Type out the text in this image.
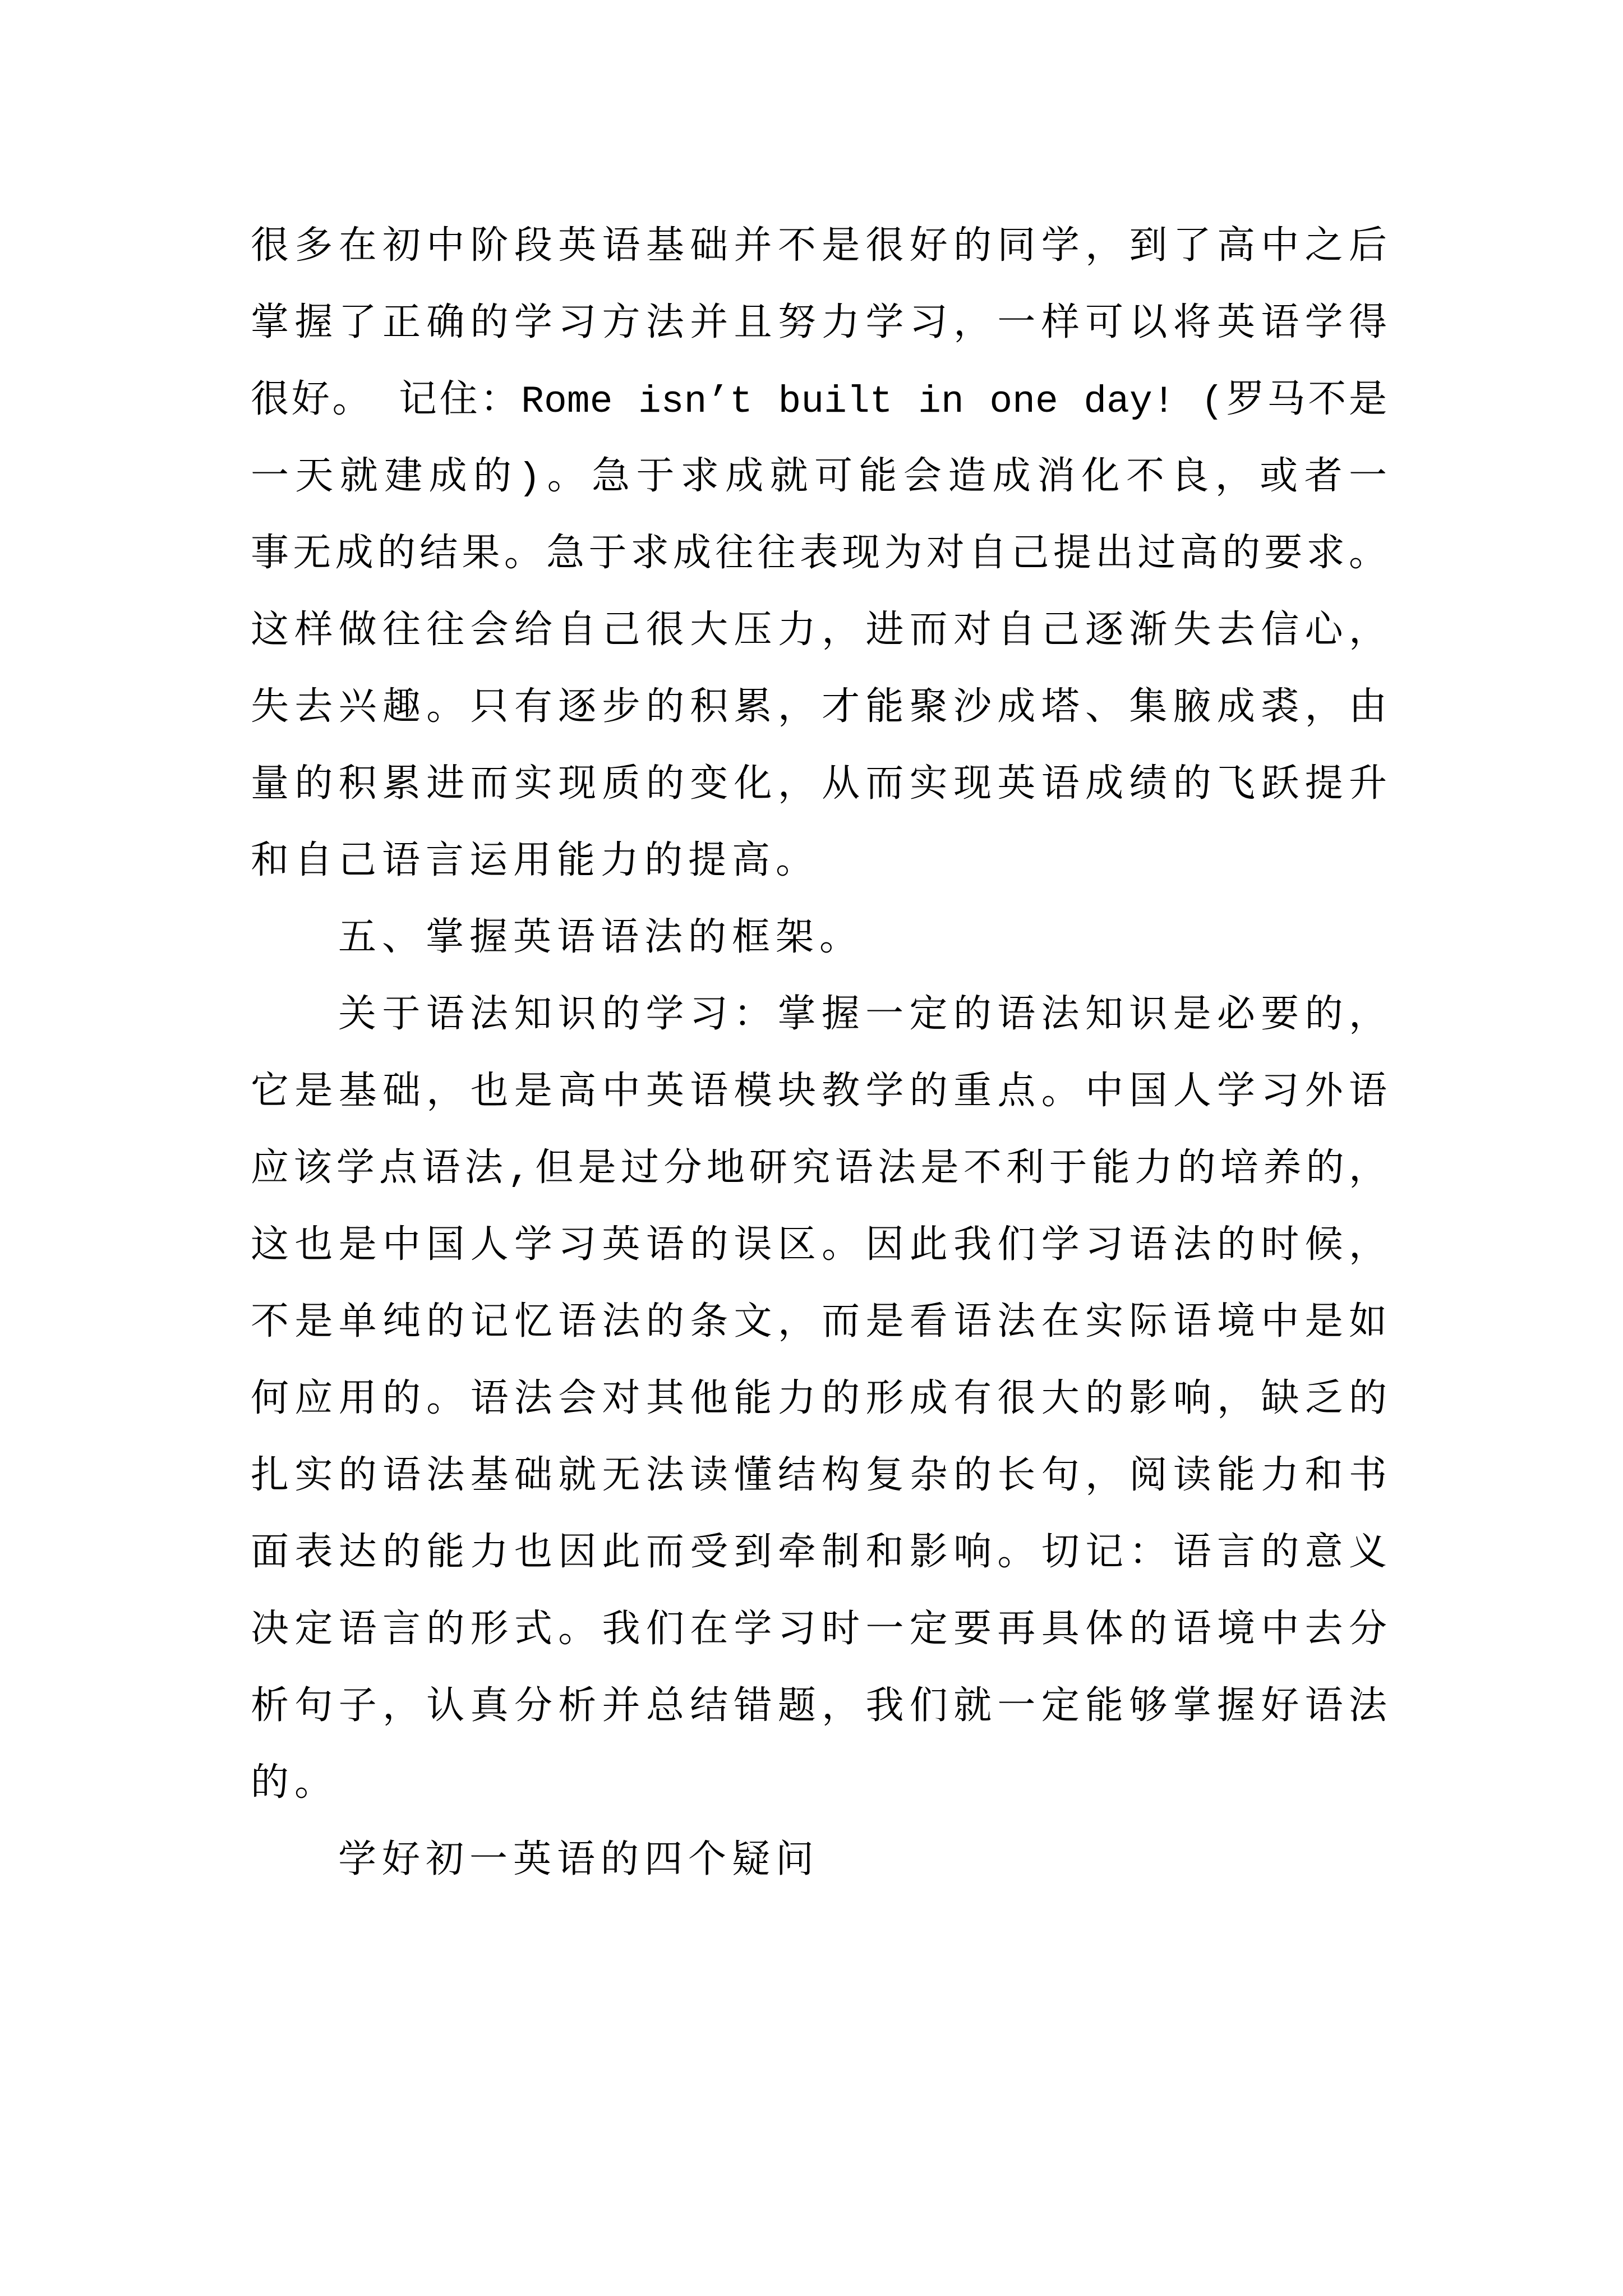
很多在初中阶段英语基础并不是很好的同学，到了高中之后
掌握了正确的学习方法并且努力学习，一样可以将英语学得
很好。 记住：Rome isn’t built in one day! (罗马不是
一天就建成的)。急于求成就可能会造成消化不良，或者一
事无成的结果。急于求成往往表现为对自己提出过高的要求。
这样做往往会给自己很大压力，进而对自己逐渐失去信心，
失去兴趣。只有逐步的积累，才能聚沙成塔、集腋成裘，由
量的积累进而实现质的变化，从而实现英语成绩的飞跃提升
和自己语言运用能力的提高。
五、掌握英语语法的框架。
关于语法知识的学习：掌握一定的语法知识是必要的，
它是基础，也是高中英语模块教学的重点。中国人学习外语
应该学点语法,但是过分地研究语法是不利于能力的培养的，
这也是中国人学习英语的误区。因此我们学习语法的时候，
不是单纯的记忆语法的条文，而是看语法在实际语境中是如
何应用的。语法会对其他能力的形成有很大的影响，缺乏的
扎实的语法基础就无法读懂结构复杂的长句，阅读能力和书
面表达的能力也因此而受到牵制和影响。切记：语言的意义
决定语言的形式。我们在学习时一定要再具体的语境中去分
析句子，认真分析并总结错题，我们就一定能够掌握好语法
的。
学好初一英语的四个疑问
